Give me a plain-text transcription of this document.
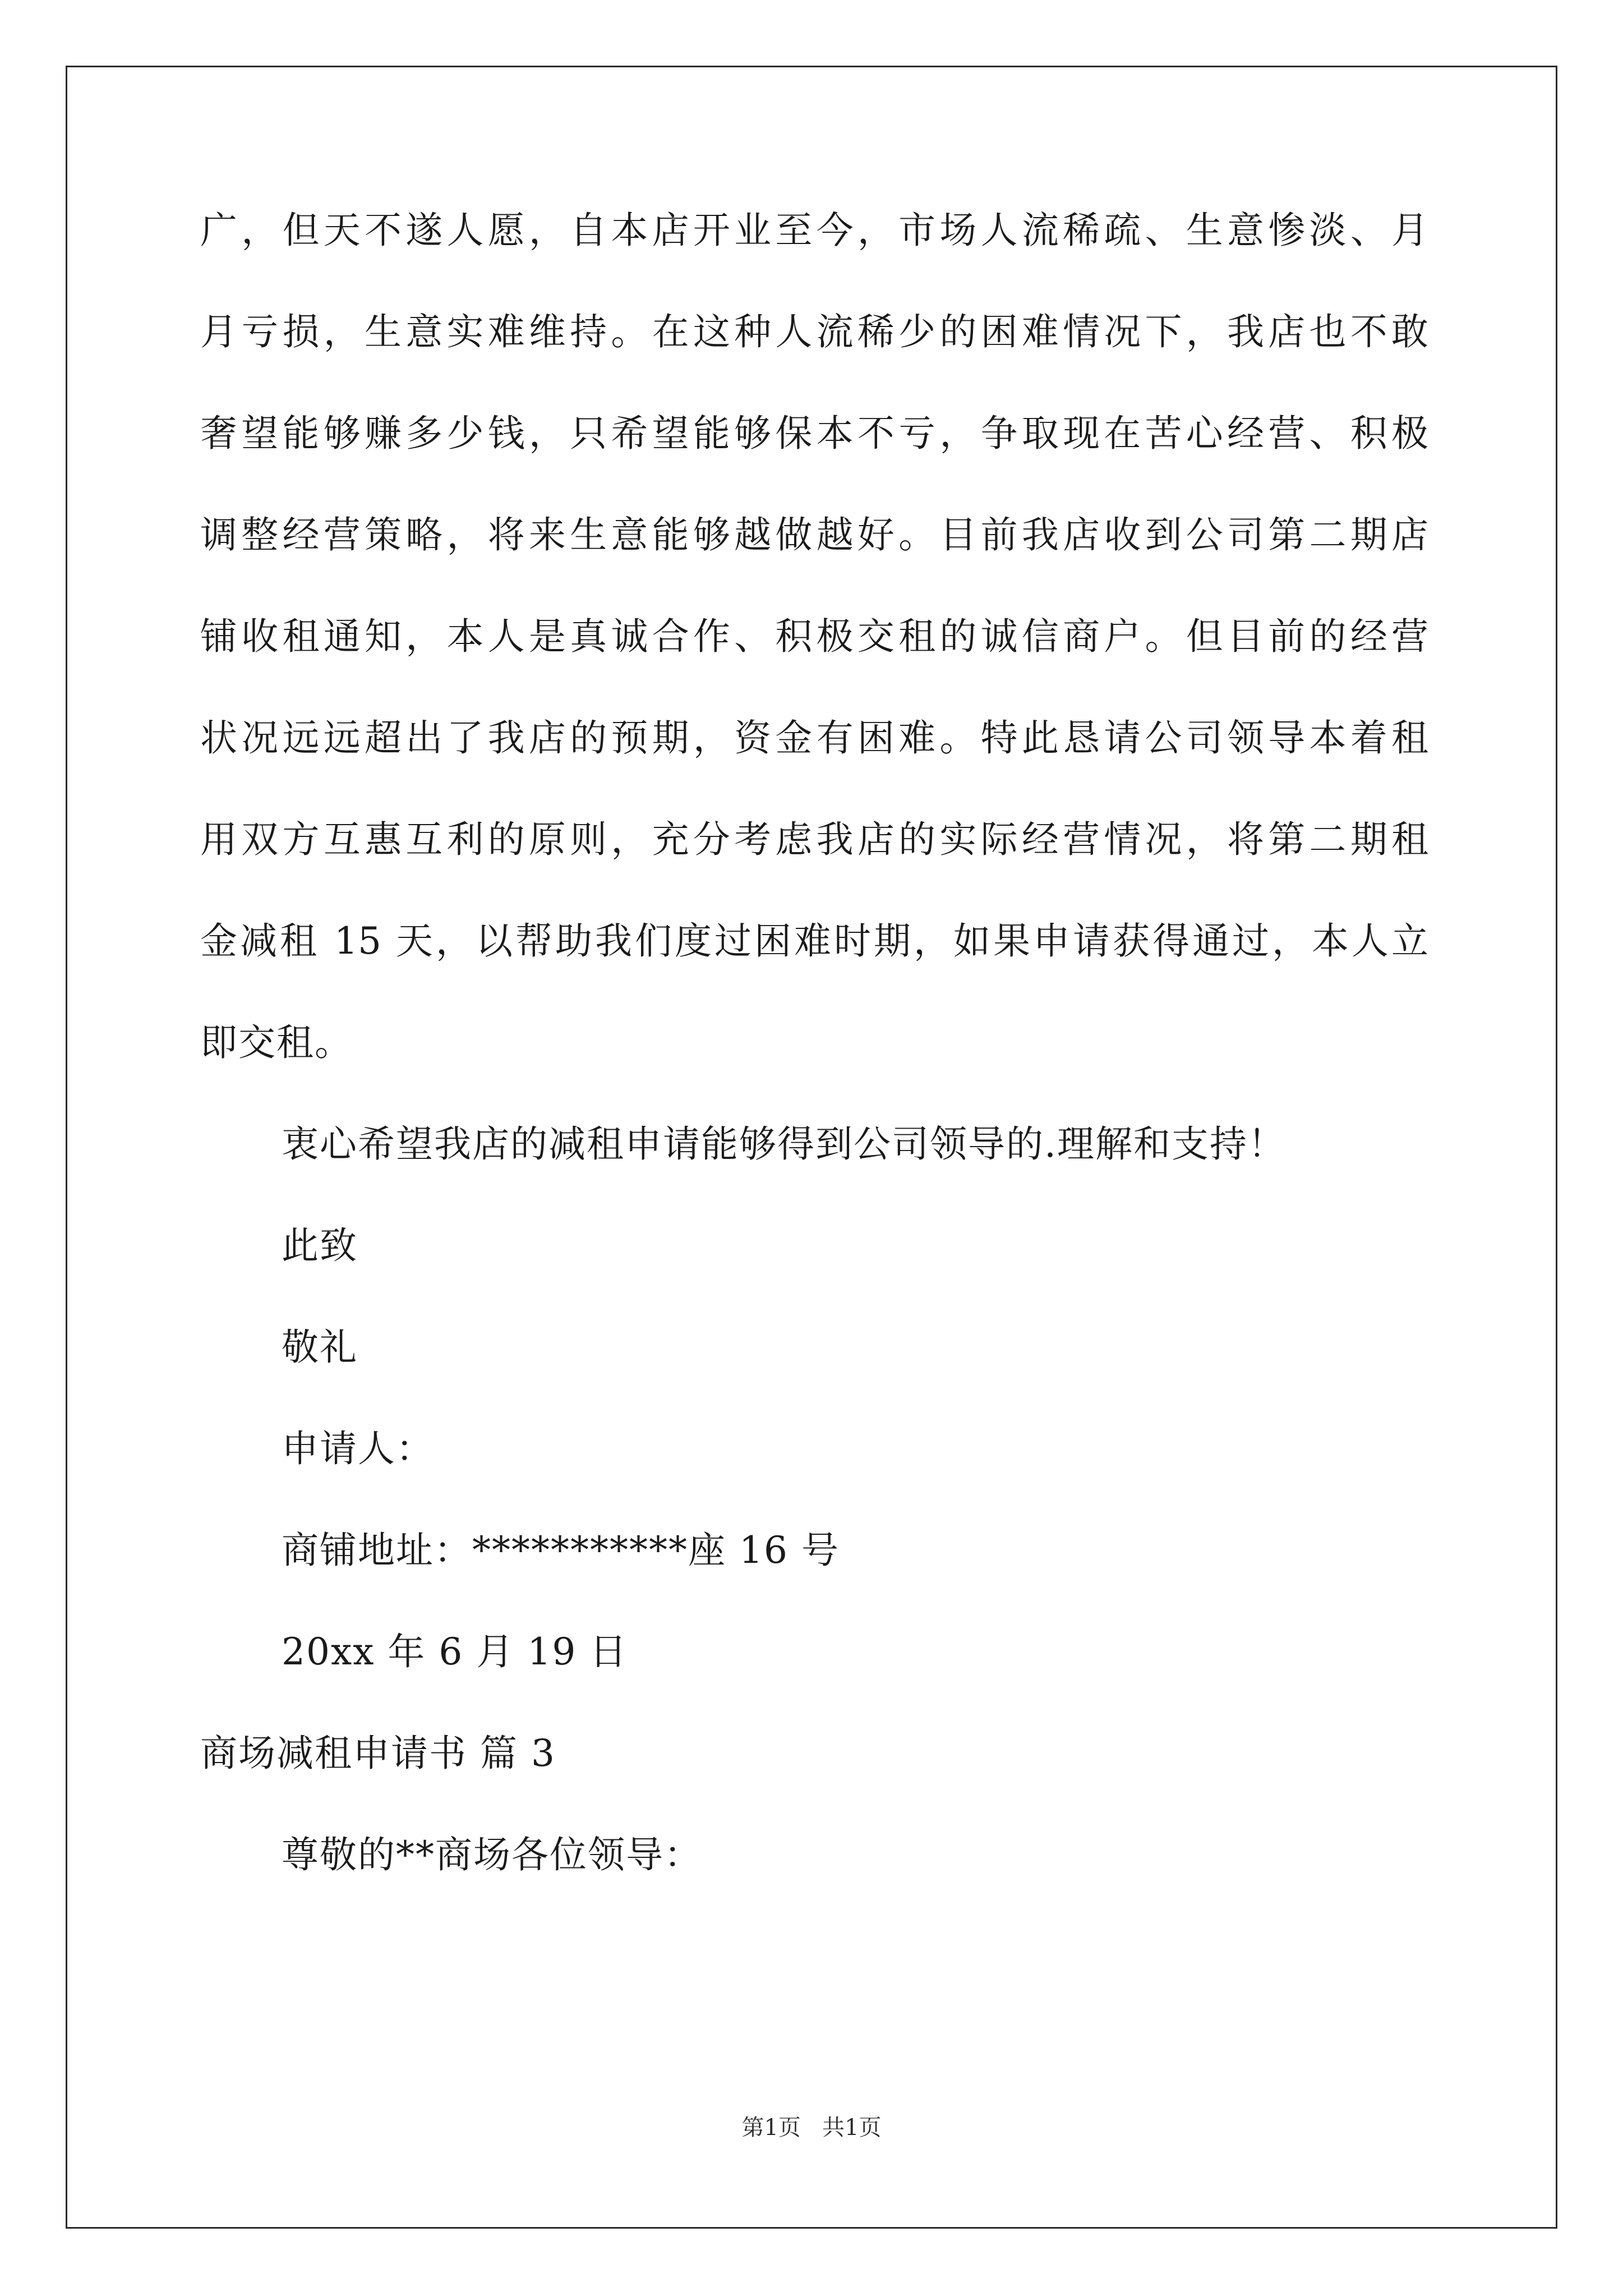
广，但天不遂人愿，自本店开业至今，市场人流稀疏、生意惨淡、月
月亏损，生意实难维持。在这种人流稀少的困难情况下，我店也不敢
奢望能够赚多少钱，只希望能够保本不亏，争取现在苦心经营、积极
调整经营策略，将来生意能够越做越好。目前我店收到公司第二期店
铺收租通知，本人是真诚合作、积极交租的诚信商户。但目前的经营
状况远远超出了我店的预期，资金有困难。特此恳请公司领导本着租
用双方互惠互利的原则，充分考虑我店的实际经营情况，将第二期租
金减租 15 天，以帮助我们度过困难时期，如果申请获得通过，本人立
即交租。
衷心希望我店的减租申请能够得到公司领导的.理解和支持！
此致
敬礼
申请人：
商铺地址：***********座 16 号
20xx 年 6 月 19 日
商场减租申请书 篇 3
尊敬的**商场各位领导：
第1页   共1页
